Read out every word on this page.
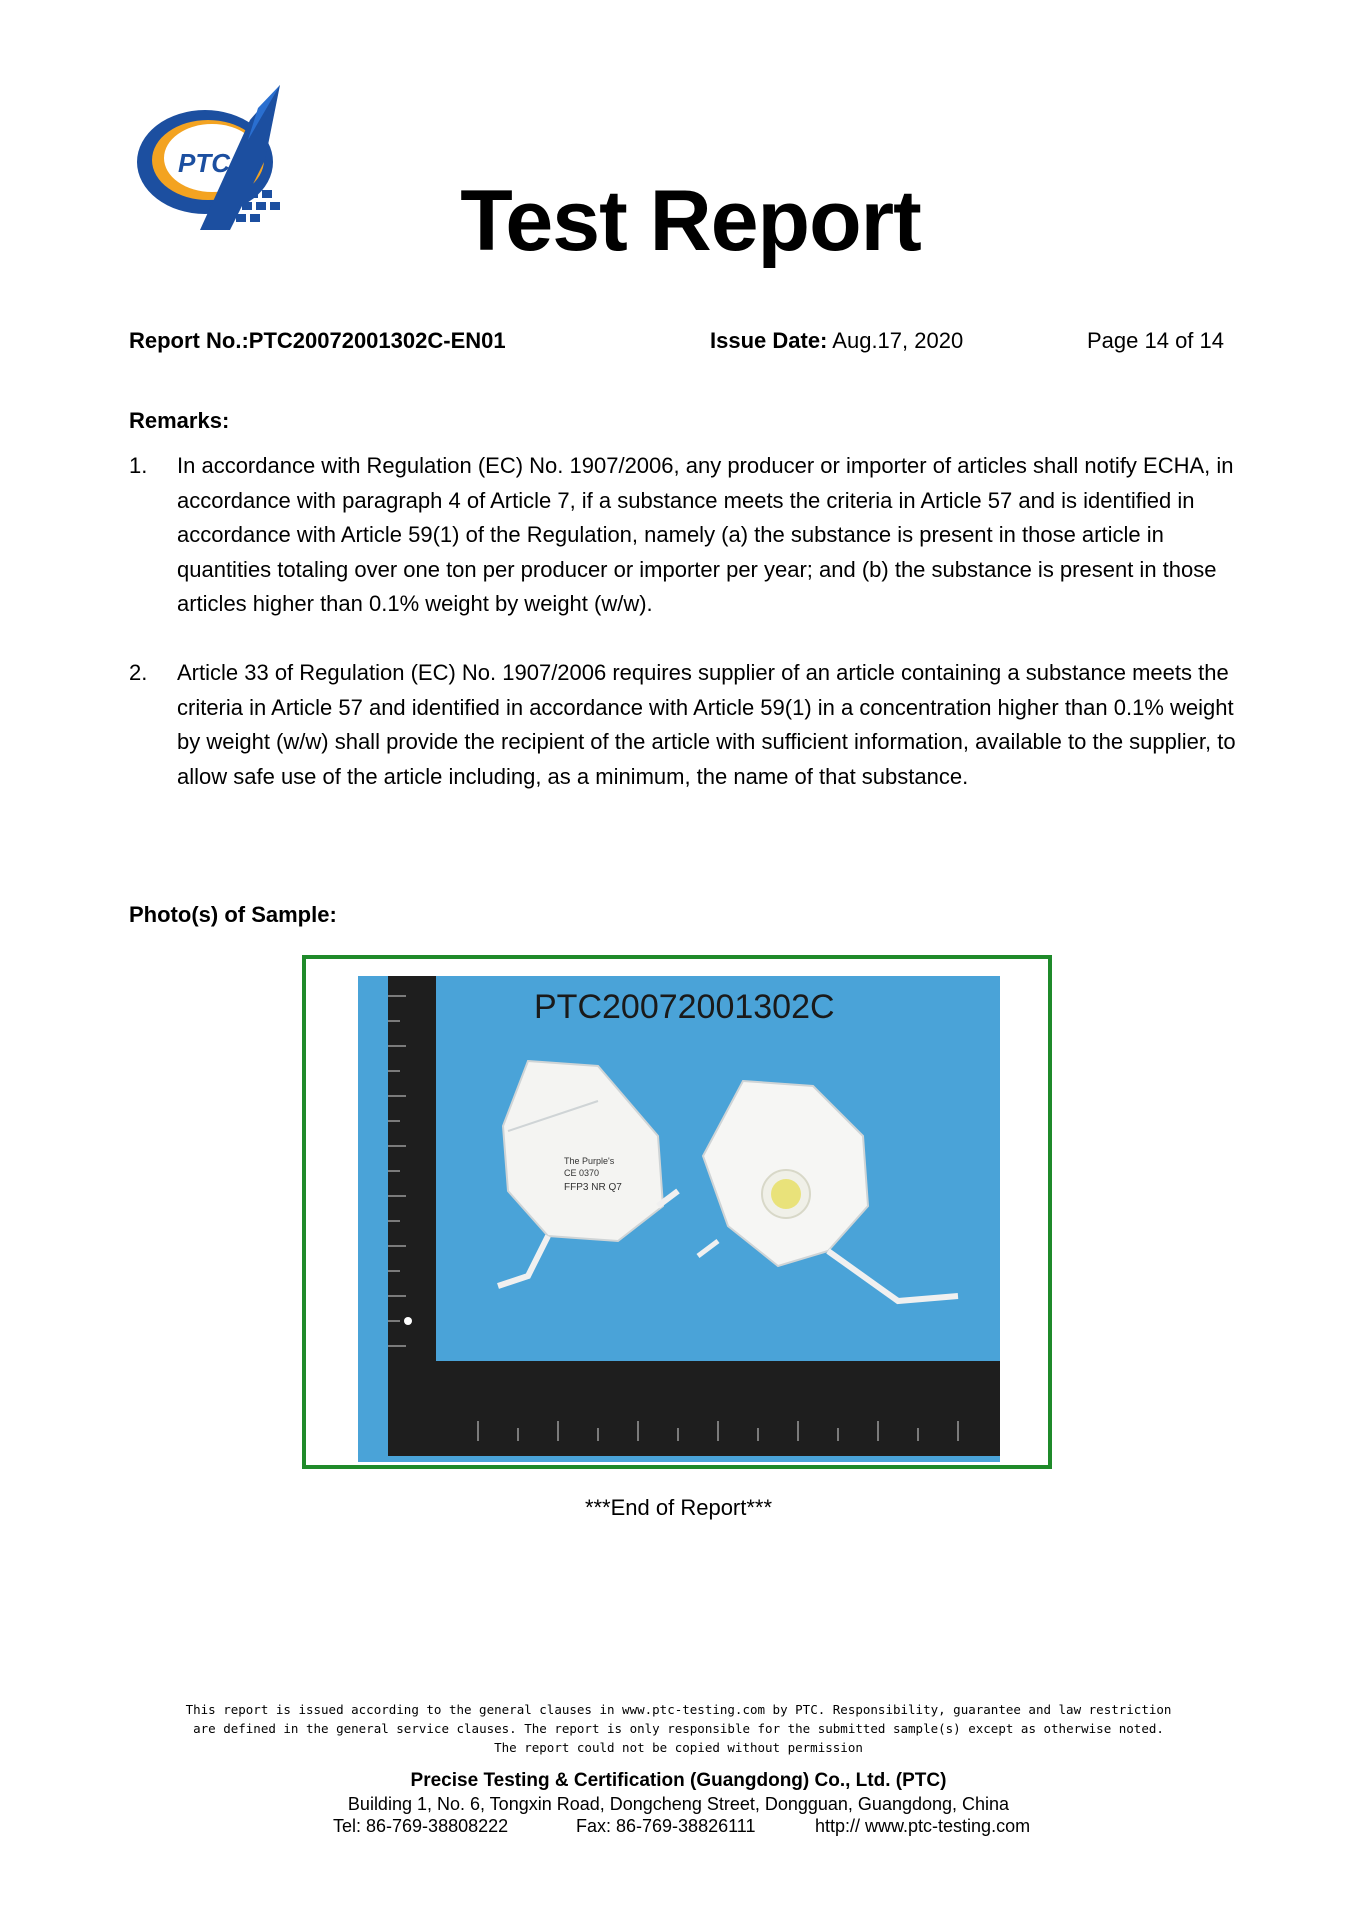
PTC
Test Report
Report No.:PTC20072001302C-EN01	Issue Date: Aug.17, 2020	Page 14 of 14
Remarks:
1. In accordance with Regulation (EC) No. 1907/2006, any producer or importer of articles shall notify ECHA, in accordance with paragraph 4 of Article 7, if a substance meets the criteria in Article 57 and is identified in accordance with Article 59(1) of the Regulation, namely (a) the substance is present in those article in quantities totaling over one ton per producer or importer per year; and (b) the substance is present in those articles higher than 0.1% weight by weight (w/w).
2. Article 33 of Regulation (EC) No. 1907/2006 requires supplier of an article containing a substance meets the criteria in Article 57 and identified in accordance with Article 59(1) in a concentration higher than 0.1% weight by weight (w/w) shall provide the recipient of the article with sufficient information, available to the supplier, to allow safe use of the article including, as a minimum, the name of that substance.
Photo(s) of Sample:
PTC20072001302C
The Purple's
CE 0370
FFP3 NR Q7
***End of Report***
This report is issued according to the general clauses in www.ptc-testing.com by PTC. Responsibility, guarantee and law restriction
are defined in the general service clauses. The report is only responsible for the submitted sample(s) except as otherwise noted.
The report could not be copied without permission
Precise Testing & Certification (Guangdong) Co., Ltd. (PTC)
Building 1, No. 6, Tongxin Road, Dongcheng Street, Dongguan, Guangdong, China
Tel: 86-769-38808222	Fax: 86-769-38826111	http:// www.ptc-testing.com
